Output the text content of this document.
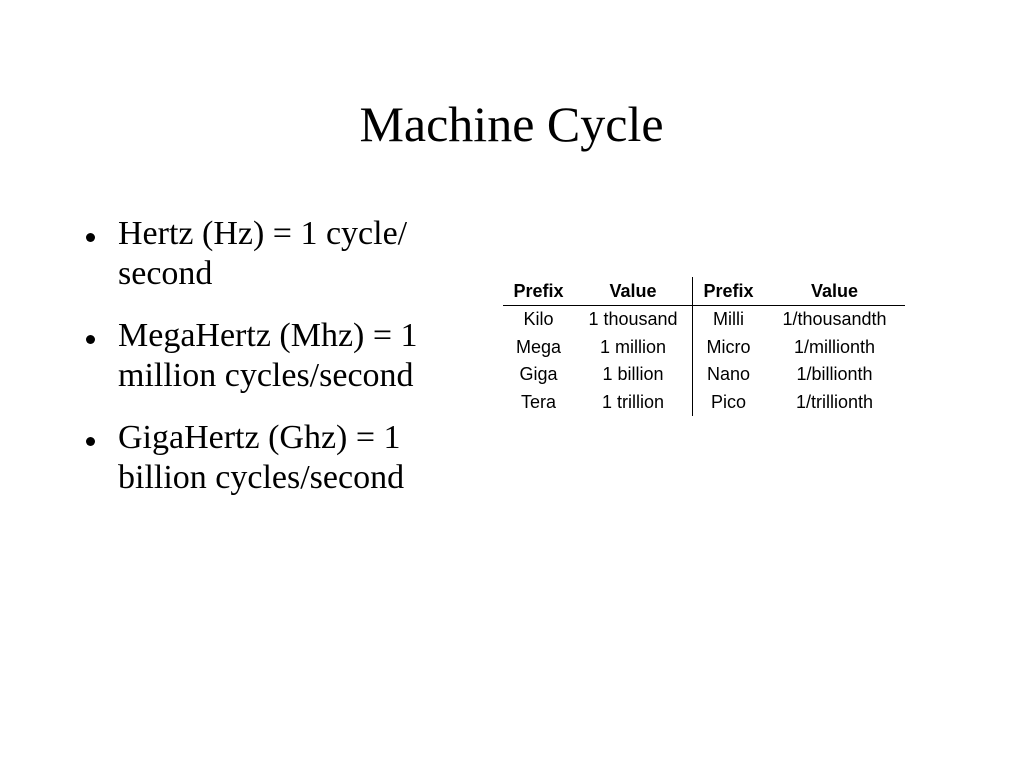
Machine Cycle
Hertz (Hz) = 1 cycle/
second
MegaHertz (Mhz) = 1
million cycles/second
GigaHertz (Ghz) = 1
billion cycles/second
Prefix	Value	Prefix	Value
Kilo	1 thousand	Milli	1/thousandth
Mega	1 million	Micro	1/millionth
Giga	1 billion	Nano	1/billionth
Tera	1 trillion	Pico	1/trillionth
